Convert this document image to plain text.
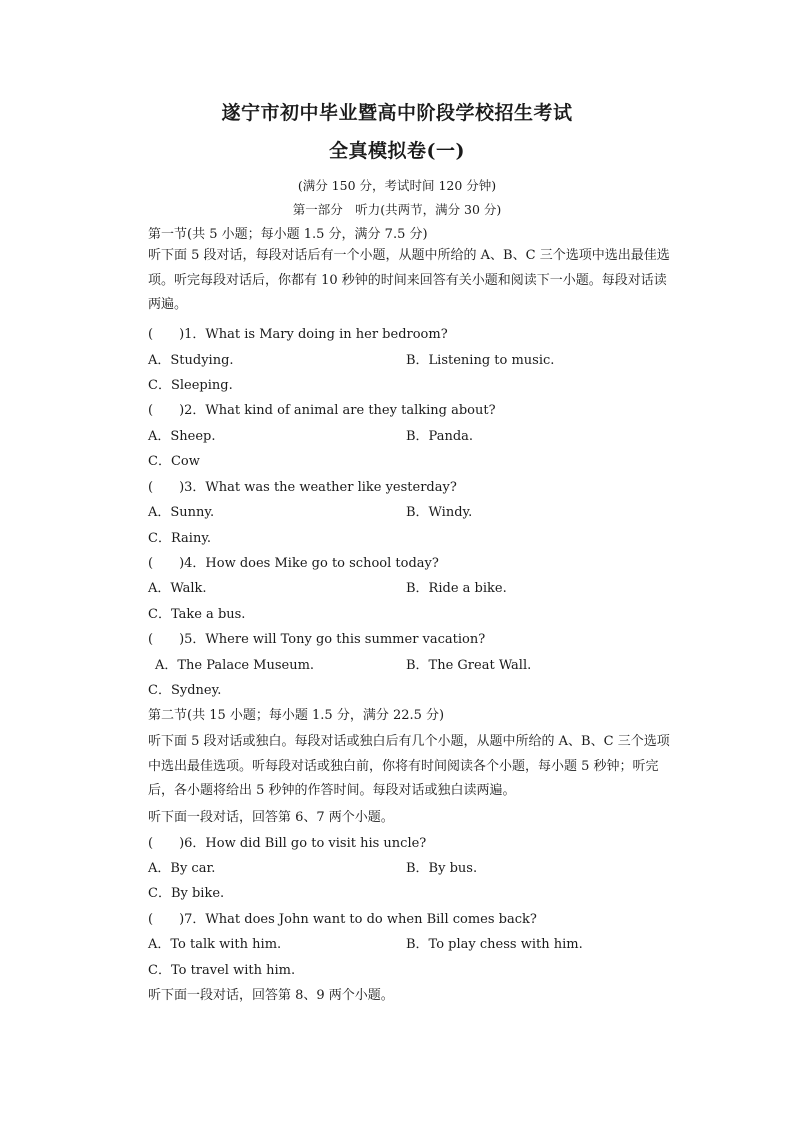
遂宁市初中毕业暨高中阶段学校招生考试
全真模拟卷(一)
(满分 150 分，考试时间 120 分钟)
第一部分　听力(共两节，满分 30 分)
第一节(共 5 小题；每小题 1.5 分，满分 7.5 分)
听下面 5 段对话，每段对话后有一个小题，从题中所给的 A、B、C 三个选项中选出最佳选项。听完每段对话后，你都有 10 秒钟的时间来回答有关小题和阅读下一小题。每段对话读两遍。
( )1．What is Mary doing in her bedroom?
A．Studying.	B．Listening to music.
C．Sleeping.
( )2．What kind of animal are they talking about?
A．Sheep.	B．Panda.
C．Cow
( )3．What was the weather like yesterday?
A．Sunny.	B．Windy.
C．Rainy.
( )4．How does Mike go to school today?
A．Walk.	B．Ride a bike.
C．Take a bus.
( )5．Where will Tony go this summer vacation?
A．The Palace Museum.	B．The Great Wall.
C．Sydney.
第二节(共 15 小题；每小题 1.5 分，满分 22.5 分)
听下面 5 段对话或独白。每段对话或独白后有几个小题，从题中所给的 A、B、C 三个选项中选出最佳选项。听每段对话或独白前，你将有时间阅读各个小题，每小题 5 秒钟；听完后，各小题将给出 5 秒钟的作答时间。每段对话或独白读两遍。
听下面一段对话，回答第 6、7 两个小题。
( )6．How did Bill go to visit his uncle?
A．By car.	B．By bus.
C．By bike.
( )7．What does John want to do when Bill comes back?
A．To talk with him.	B．To play chess with him.
C．To travel with him.
听下面一段对话，回答第 8、9 两个小题。
